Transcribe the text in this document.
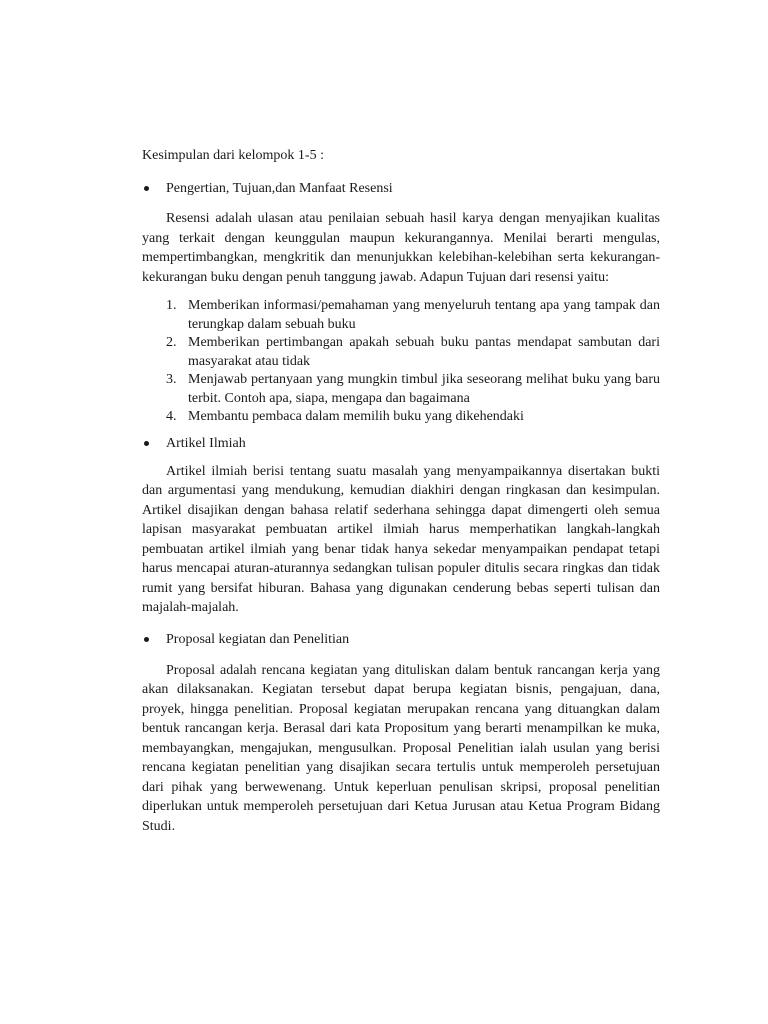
Kesimpulan dari kelompok 1-5 :
Pengertian, Tujuan,dan Manfaat Resensi

Resensi adalah ulasan atau penilaian sebuah hasil karya dengan menyajikan kualitas yang terkait dengan keunggulan maupun kekurangannya. Menilai berarti mengulas, mempertimbangkan, mengkritik dan menunjukkan kelebihan-kelebihan serta kekurangan-kekurangan buku dengan penuh tanggung jawab. Adapun Tujuan dari resensi yaitu:

1. Memberikan informasi/pemahaman yang menyeluruh tentang apa yang tampak dan terungkap dalam sebuah buku
2. Memberikan pertimbangan apakah sebuah buku pantas mendapat sambutan dari masyarakat atau tidak
3. Menjawab pertanyaan yang mungkin timbul jika seseorang melihat buku yang baru terbit. Contoh apa, siapa, mengapa dan bagaimana
4. Membantu pembaca dalam memilih buku yang dikehendaki
Artikel Ilmiah

Artikel ilmiah berisi tentang suatu masalah yang menyampaikannya disertakan bukti dan argumentasi yang mendukung, kemudian diakhiri dengan ringkasan dan kesimpulan. Artikel disajikan dengan bahasa relatif sederhana sehingga dapat dimengerti oleh semua lapisan masyarakat pembuatan artikel ilmiah harus memperhatikan langkah-langkah pembuatan artikel ilmiah yang benar tidak hanya sekedar menyampaikan pendapat tetapi harus mencapai aturan-aturannya sedangkan tulisan populer ditulis secara ringkas dan tidak rumit yang bersifat hiburan. Bahasa yang digunakan cenderung bebas seperti tulisan dan majalah-majalah.

Proposal kegiatan dan Penelitian

Proposal adalah rencana kegiatan yang dituliskan dalam bentuk rancangan kerja yang akan dilaksanakan. Kegiatan tersebut dapat berupa kegiatan bisnis, pengajuan, dana, proyek, hingga penelitian. Proposal kegiatan merupakan rencana yang dituangkan dalam bentuk rancangan kerja. Berasal dari kata Propositum yang berarti menampilkan ke muka, membayangkan, mengajukan, mengusulkan. Proposal Penelitian ialah usulan yang berisi rencana kegiatan penelitian yang disajikan secara tertulis untuk memperoleh persetujuan dari pihak yang berwewenang. Untuk keperluan penulisan skripsi, proposal penelitian diperlukan untuk memperoleh persetujuan dari Ketua Jurusan atau Ketua Program Bidang Studi.
